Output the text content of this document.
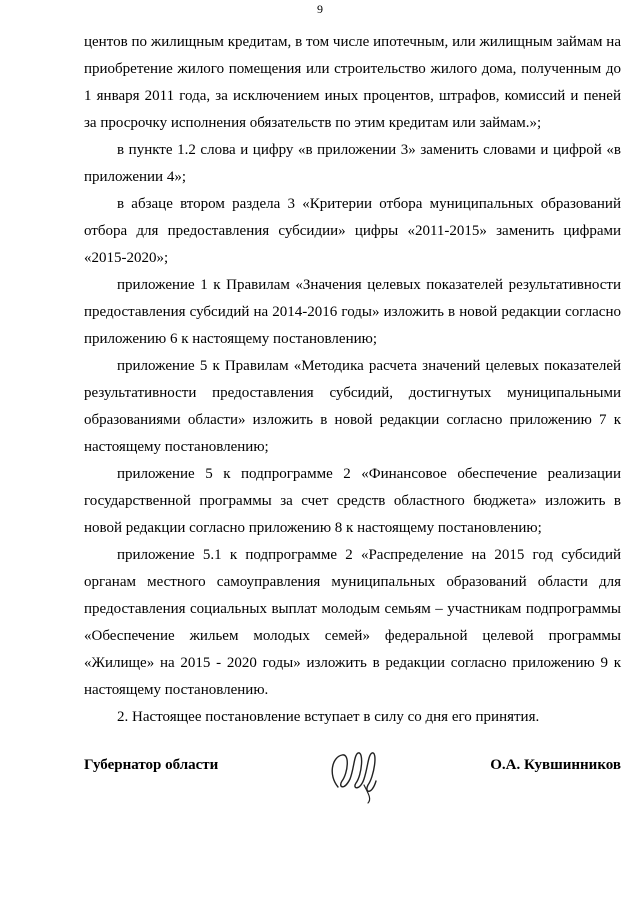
9

центов по жилищным кредитам, в том числе ипотечным, или жилищным займам на приобретение жилого помещения или строительство жилого дома, полученным до 1 января 2011 года, за исключением иных процентов, штрафов, комиссий и пеней за просрочку исполнения обязательств по этим кредитам или займам.»;

в пункте 1.2 слова и цифру «в приложении 3» заменить словами и цифрой «в приложении 4»;

в абзаце втором раздела 3 «Критерии отбора муниципальных образований отбора для предоставления субсидии» цифры «2011-2015» заменить цифрами «2015-2020»;

приложение 1 к Правилам «Значения целевых показателей результативности предоставления субсидий на 2014-2016 годы» изложить в новой редакции согласно приложению 6 к настоящему постановлению;

приложение 5 к Правилам «Методика расчета значений целевых показателей результативности предоставления субсидий, достигнутых муниципальными образованиями области» изложить в новой редакции согласно приложению 7 к настоящему постановлению;

приложение 5 к подпрограмме 2 «Финансовое обеспечение реализации государственной программы за счет средств областного бюджета» изложить в новой редакции согласно приложению 8 к настоящему постановлению;

приложение 5.1 к подпрограмме 2 «Распределение на 2015 год субсидий органам местного самоуправления муниципальных образований области для предоставления социальных выплат молодым семьям – участникам подпрограммы «Обеспечение жильем молодых семей» федеральной целевой программы «Жилище» на 2015 - 2020 годы» изложить в редакции согласно приложению 9 к настоящему постановлению.

2. Настоящее постановление вступает в силу со дня его принятия.

Губернатор области	О.А. Кувшинников
